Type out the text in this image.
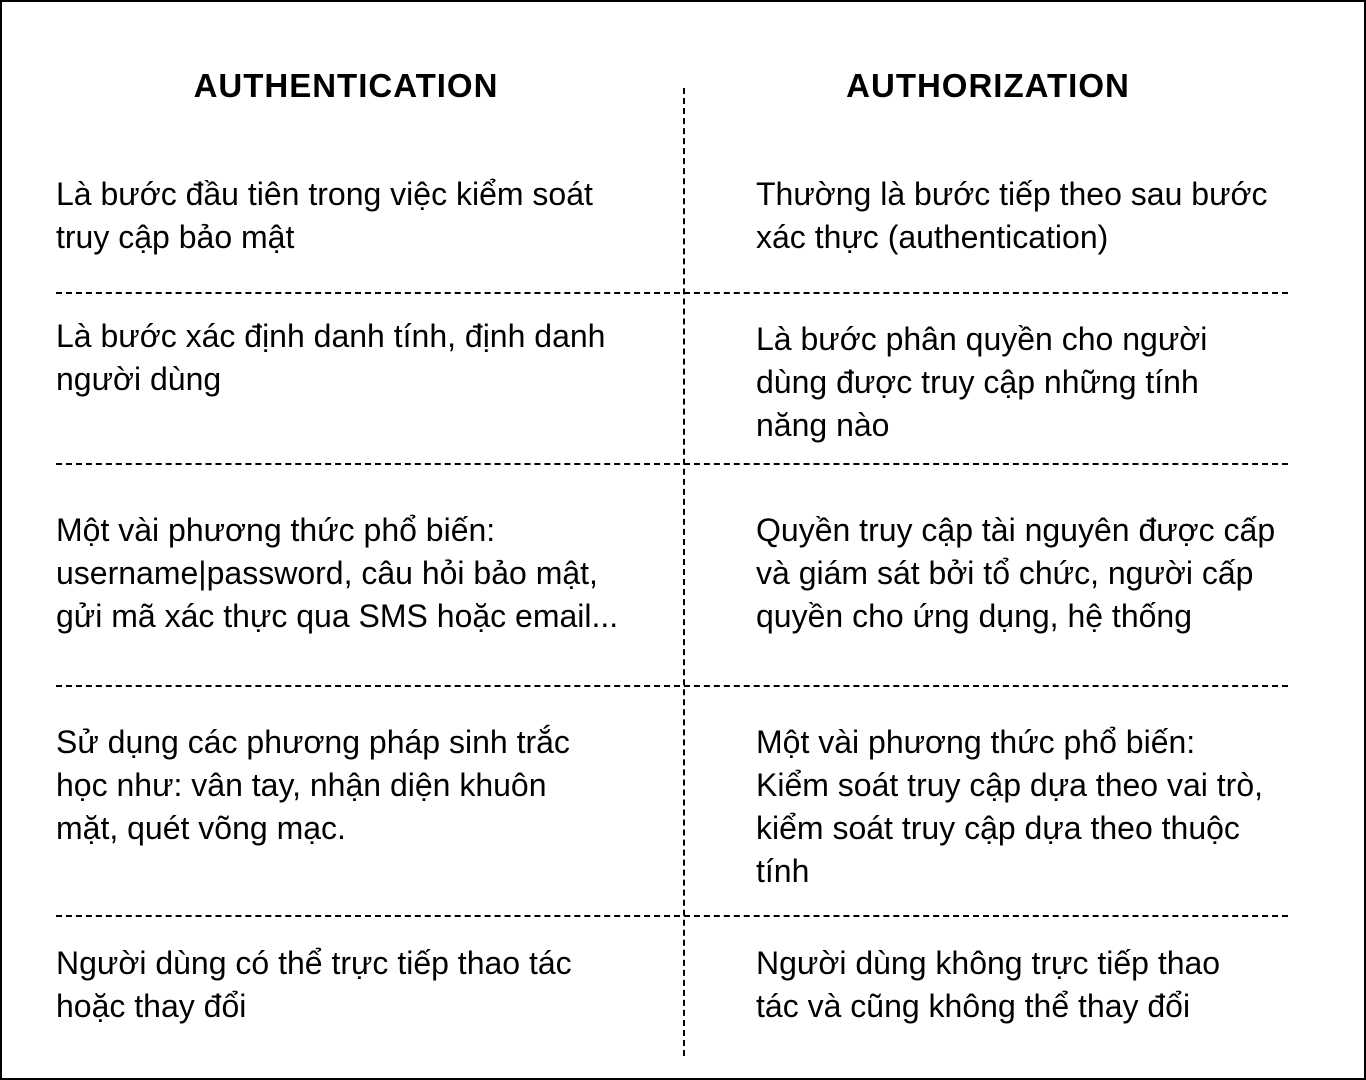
AUTHENTICATION	AUTHORIZATION
Là bước đầu tiên trong việc kiểm soát
truy cập bảo mật
Thường là bước tiếp theo sau bước
xác thực (authentication)
Là bước xác định danh tính, định danh
người dùng
Là bước phân quyền cho người
dùng được truy cập những tính
năng nào
Một vài phương thức phổ biến:
username|password, câu hỏi bảo mật,
gửi mã xác thực qua SMS hoặc email...
Quyền truy cập tài nguyên được cấp
và giám sát bởi tổ chức, người cấp
quyền cho ứng dụng, hệ thống
Sử dụng các phương pháp sinh trắc
học như: vân tay, nhận diện khuôn
mặt, quét võng mạc.
Một vài phương thức phổ biến:
Kiểm soát truy cập dựa theo vai trò,
kiểm soát truy cập dựa theo thuộc
tính
Người dùng có thể trực tiếp thao tác
hoặc thay đổi
Người dùng không trực tiếp thao
tác và cũng không thể thay đổi
